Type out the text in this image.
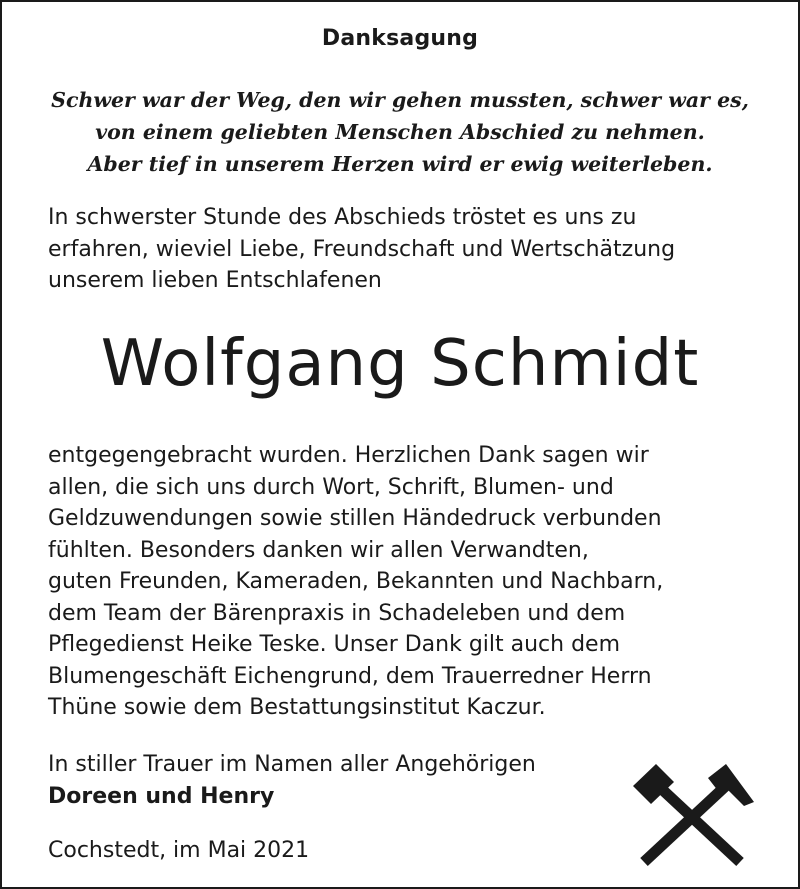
Danksagung
Schwer war der Weg, den wir gehen mussten, schwer war es,
von einem geliebten Menschen Abschied zu nehmen.
Aber tief in unserem Herzen wird er ewig weiterleben.
In schwerster Stunde des Abschieds tröstet es uns zu
erfahren, wieviel Liebe, Freundschaft und Wertschätzung
unserem lieben Entschlafenen
Wolfgang Schmidt
entgegengebracht wurden. Herzlichen Dank sagen wir
allen, die sich uns durch Wort, Schrift, Blumen- und
Geldzuwendungen sowie stillen Händedruck verbunden
fühlten. Besonders danken wir allen Verwandten,
guten Freunden, Kameraden, Bekannten und Nachbarn,
dem Team der Bärenpraxis in Schadeleben und dem
Pflegedienst Heike Teske. Unser Dank gilt auch dem
Blumengeschäft Eichengrund, dem Trauerredner Herrn
Thüne sowie dem Bestattungsinstitut Kaczur.
In stiller Trauer im Namen aller Angehörigen
Doreen und Henry
Cochstedt, im Mai 2021
